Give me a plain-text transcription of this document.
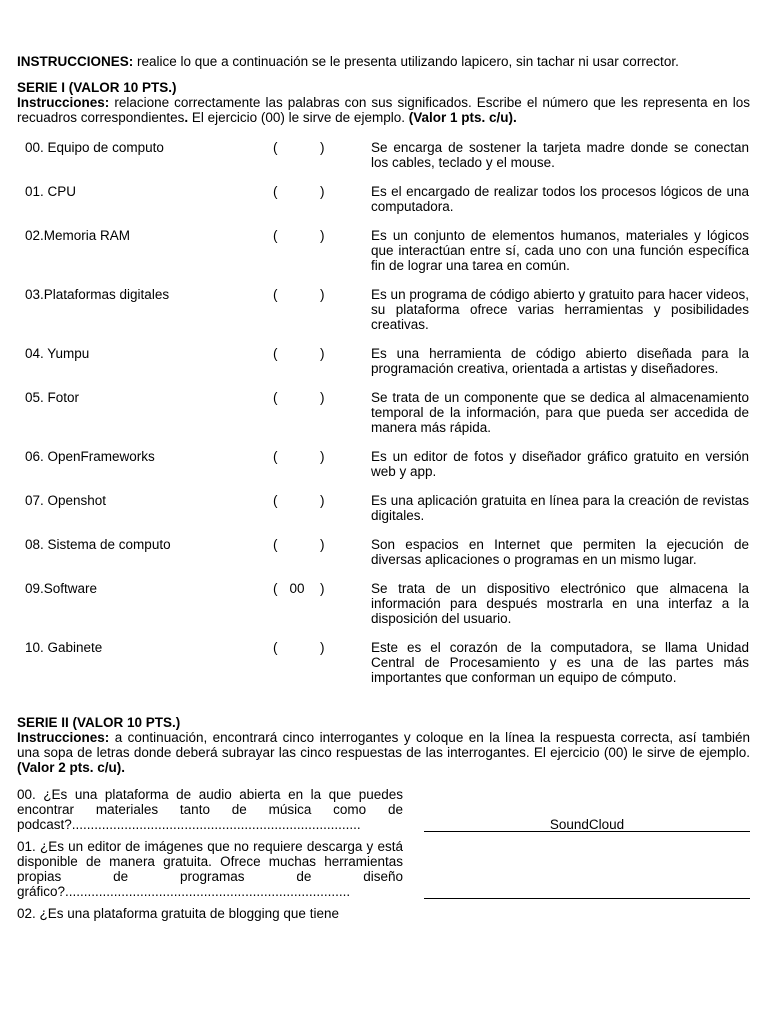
INSTRUCCIONES: realice lo que a continuación se le presenta utilizando lapicero, sin tachar ni usar corrector.

SERIE I (VALOR 10 PTS.)

Instrucciones: relacione correctamente las palabras con sus significados. Escribe el número que les representa en los recuadros correspondientes. El ejercicio (00) le sirve de ejemplo. (Valor 1 pts. c/u).

00. Equipo de computo	(	)	Se encarga de sostener la tarjeta madre donde se conectan los cables, teclado y el mouse.
01. CPU	(	)	Es el encargado de realizar todos los procesos lógicos de una computadora.
02.Memoria RAM	(	)	Es un conjunto de elementos humanos, materiales y lógicos que interactúan entre sí, cada uno con una función específica fin de lograr una tarea en común.
03.Plataformas digitales	(	)	Es un programa de código abierto y gratuito para hacer videos, su plataforma ofrece varias herramientas y posibilidades creativas.
04. Yumpu	(	)	Es una herramienta de código abierto diseñada para la programación creativa, orientada a artistas y diseñadores.
05. Fotor	(	)	Se trata de un componente que se dedica al almacenamiento temporal de la información, para que pueda ser accedida de manera más rápida.
06. OpenFrameworks	(	)	Es un editor de fotos y diseñador gráfico gratuito en versión web y app.
07. Openshot	(	)	Es una aplicación gratuita en línea para la creación de revistas digitales.
08. Sistema de computo	(	)	Son espacios en Internet que permiten la ejecución de diversas aplicaciones o programas en un mismo lugar.
09.Software	( 00	)	Se trata de un dispositivo electrónico que almacena la información para después mostrarla en una interfaz a la disposición del usuario.
10. Gabinete	(	)	Este es el corazón de la computadora, se llama Unidad Central de Procesamiento y es una de las partes más importantes que conforman un equipo de cómputo.
SERIE II (VALOR 10 PTS.)

Instrucciones: a continuación, encontrará cinco interrogantes y coloque en la línea la respuesta correcta, así también una sopa de letras donde deberá subrayar las cinco respuestas de las interrogantes. El ejercicio (00) le sirve de ejemplo. (Valor 2 pts. c/u).

00. ¿Es una plataforma de audio abierta en la que puedes encontrar materiales tanto de música como de podcast?.............................................................................	SoundCloud
01. ¿Es un editor de imágenes que no requiere descarga y está disponible de manera gratuita. Ofrece muchas herramientas propias de programas de diseño gráfico?............................................................................
02. ¿Es una plataforma gratuita de blogging que tiene
